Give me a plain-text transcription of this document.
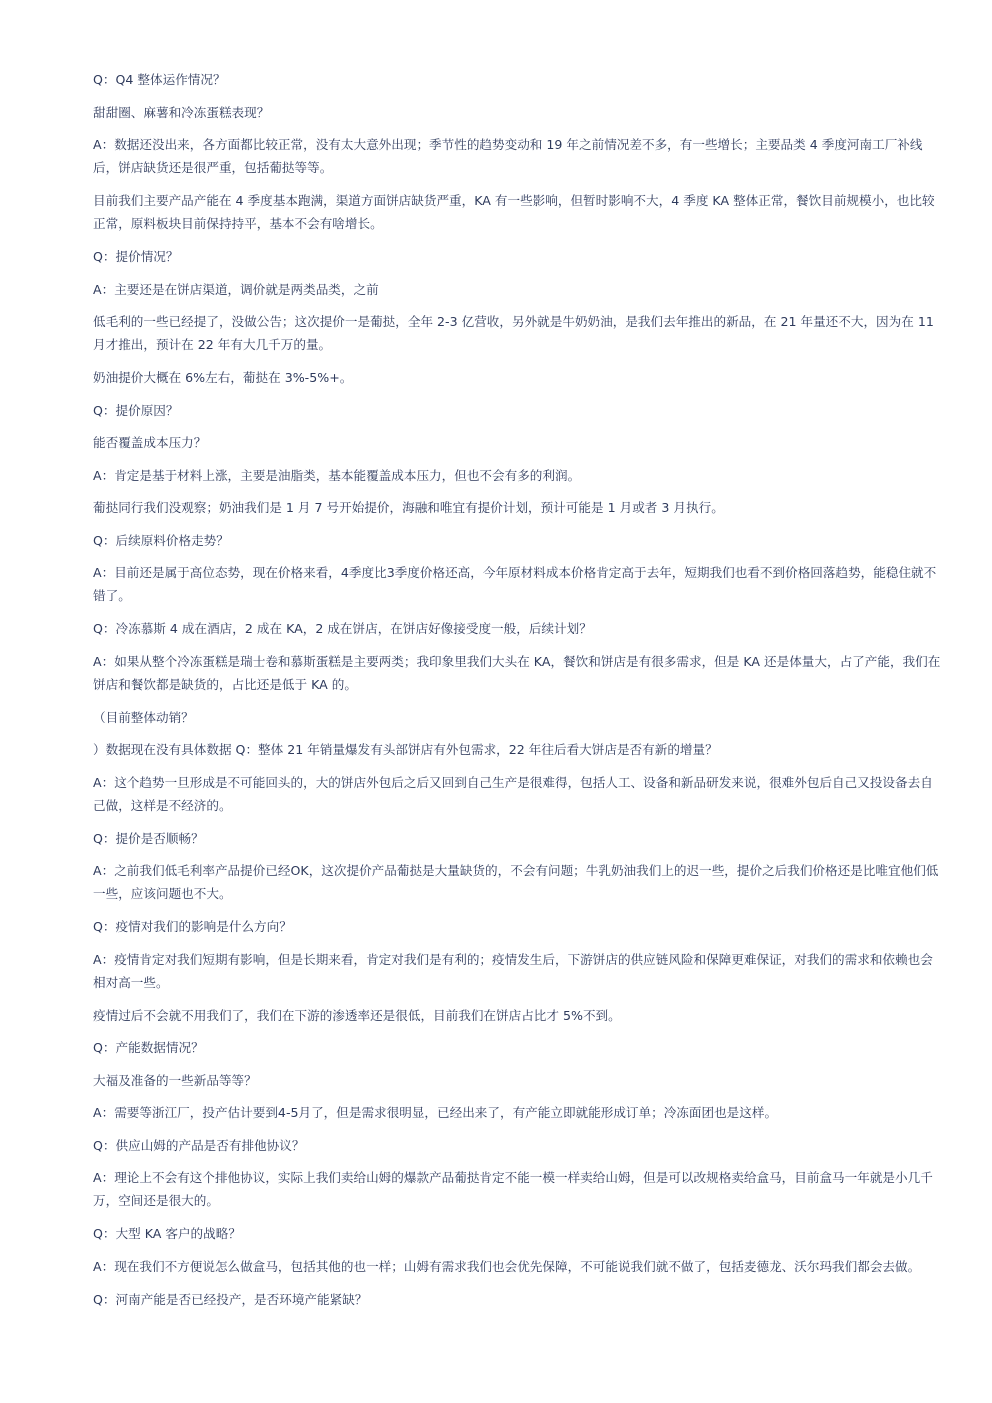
Q：Q4 整体运作情况？

甜甜圈、麻薯和冷冻蛋糕表现？

A：数据还没出来，各方面都比较正常，没有太大意外出现；季节性的趋势变动和 19 年之前情况差不多，有一些增长；主要品类 4 季度河南工厂补线后，饼店缺货还是很严重，包括葡挞等等。

目前我们主要产品产能在 4 季度基本跑满，渠道方面饼店缺货严重，KA 有一些影响，但暂时影响不大，4 季度 KA 整体正常，餐饮目前规模小，也比较正常，原料板块目前保持持平，基本不会有啥增长。

Q：提价情况？

A：主要还是在饼店渠道，调价就是两类品类，之前

低毛利的一些已经提了，没做公告；这次提价一是葡挞，全年 2-3 亿营收，另外就是牛奶奶油，是我们去年推出的新品，在 21 年量还不大，因为在 11 月才推出，预计在 22 年有大几千万的量。

奶油提价大概在 6%左右，葡挞在 3%-5%+。

Q：提价原因？

能否覆盖成本压力？

A：肯定是基于材料上涨，主要是油脂类，基本能覆盖成本压力，但也不会有多的利润。

葡挞同行我们没观察；奶油我们是 1 月 7 号开始提价，海融和唯宜有提价计划，预计可能是 1 月或者 3 月执行。

Q：后续原料价格走势？

A：目前还是属于高位态势，现在价格来看，4季度比3季度价格还高，今年原材料成本价格肯定高于去年，短期我们也看不到价格回落趋势，能稳住就不错了。

Q：冷冻慕斯 4 成在酒店，2 成在 KA，2 成在饼店，在饼店好像接受度一般，后续计划？

A：如果从整个冷冻蛋糕是瑞士卷和慕斯蛋糕是主要两类；我印象里我们大头在 KA，餐饮和饼店是有很多需求，但是 KA 还是体量大，占了产能，我们在饼店和餐饮都是缺货的，占比还是低于 KA 的。

（目前整体动销？

）数据现在没有具体数据 Q：整体 21 年销量爆发有头部饼店有外包需求，22 年往后看大饼店是否有新的增量？

A：这个趋势一旦形成是不可能回头的，大的饼店外包后之后又回到自己生产是很难得，包括人工、设备和新品研发来说，很难外包后自己又投设备去自己做，这样是不经济的。

Q：提价是否顺畅？

A：之前我们低毛利率产品提价已经OK，这次提价产品葡挞是大量缺货的，不会有问题；牛乳奶油我们上的迟一些，提价之后我们价格还是比唯宜他们低一些，应该问题也不大。

Q：疫情对我们的影响是什么方向？

A：疫情肯定对我们短期有影响，但是长期来看，肯定对我们是有利的；疫情发生后，下游饼店的供应链风险和保障更难保证，对我们的需求和依赖也会相对高一些。

疫情过后不会就不用我们了，我们在下游的渗透率还是很低，目前我们在饼店占比才 5%不到。

Q：产能数据情况？

大福及准备的一些新品等等？

A：需要等浙江厂，投产估计要到4-5月了，但是需求很明显，已经出来了，有产能立即就能形成订单；冷冻面团也是这样。

Q：供应山姆的产品是否有排他协议？

A：理论上不会有这个排他协议，实际上我们卖给山姆的爆款产品葡挞肯定不能一模一样卖给山姆，但是可以改规格卖给盒马，目前盒马一年就是小几千万，空间还是很大的。

Q：大型 KA 客户的战略？

A：现在我们不方便说怎么做盒马，包括其他的也一样；山姆有需求我们也会优先保障，不可能说我们就不做了，包括麦德龙、沃尔玛我们都会去做。

Q：河南产能是否已经投产，是否环境产能紧缺？
